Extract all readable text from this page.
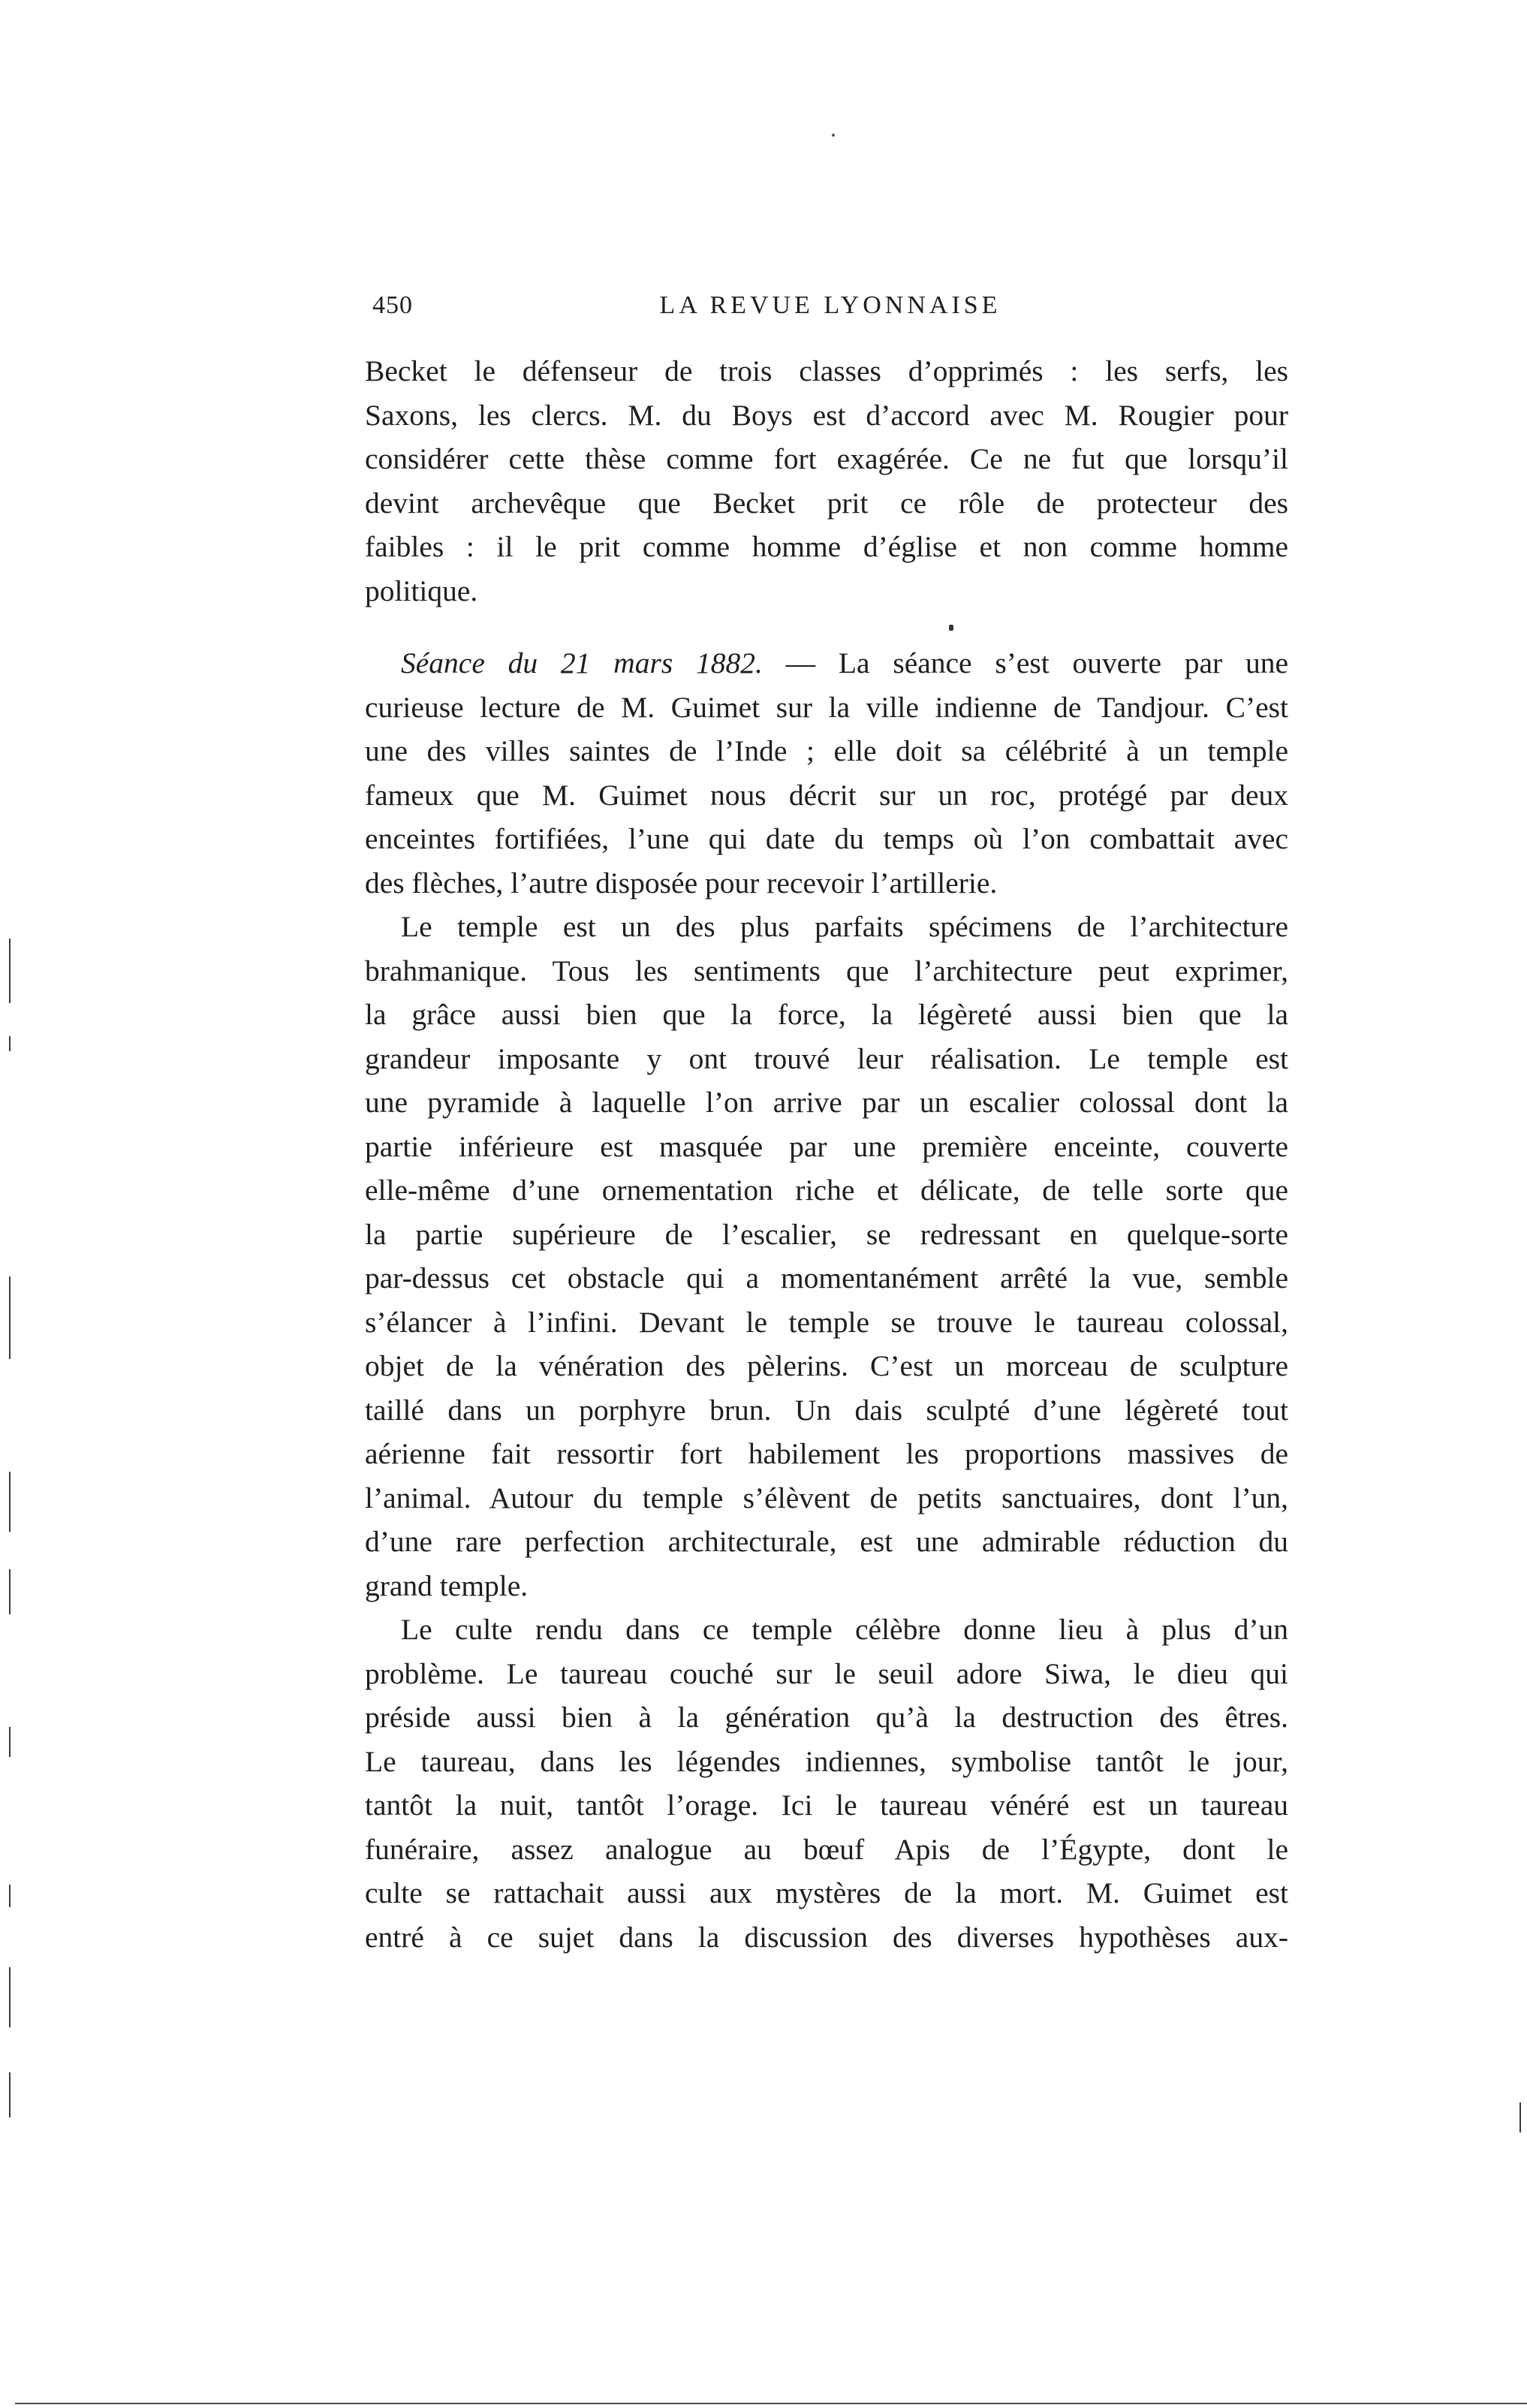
450	LA REVUE LYONNAISE
Becket le défenseur de trois classes d’opprimés : les serfs, les
Saxons, les clercs. M. du Boys est d’accord avec M. Rougier pour
considérer cette thèse comme fort exagérée. Ce ne fut que lorsqu’il
devint archevêque que Becket prit ce rôle de protecteur des
faibles : il le prit comme homme d’église et non comme homme
politique.
Séance du 21 mars 1882. — La séance s’est ouverte par une
curieuse lecture de M. Guimet sur la ville indienne de Tandjour. C’est
une des villes saintes de l’Inde ; elle doit sa célébrité à un temple
fameux que M. Guimet nous décrit sur un roc, protégé par deux
enceintes fortifiées, l’une qui date du temps où l’on combattait avec
des flèches, l’autre disposée pour recevoir l’artillerie.
Le temple est un des plus parfaits spécimens de l’architecture
brahmanique. Tous les sentiments que l’architecture peut exprimer,
la grâce aussi bien que la force, la légèreté aussi bien que la
grandeur imposante y ont trouvé leur réalisation. Le temple est
une pyramide à laquelle l’on arrive par un escalier colossal dont la
partie inférieure est masquée par une première enceinte, couverte
elle-même d’une ornementation riche et délicate, de telle sorte que
la partie supérieure de l’escalier, se redressant en quelque-sorte
par-dessus cet obstacle qui a momentanément arrêté la vue, semble
s’élancer à l’infini. Devant le temple se trouve le taureau colossal,
objet de la vénération des pèlerins. C’est un morceau de sculpture
taillé dans un porphyre brun. Un dais sculpté d’une légèreté tout
aérienne fait ressortir fort habilement les proportions massives de
l’animal. Autour du temple s’élèvent de petits sanctuaires, dont l’un,
d’une rare perfection architecturale, est une admirable réduction du
grand temple.
Le culte rendu dans ce temple célèbre donne lieu à plus d’un
problème. Le taureau couché sur le seuil adore Siwa, le dieu qui
préside aussi bien à la génération qu’à la destruction des êtres.
Le taureau, dans les légendes indiennes, symbolise tantôt le jour,
tantôt la nuit, tantôt l’orage. Ici le taureau vénéré est un taureau
funéraire, assez analogue au bœuf Apis de l’Égypte, dont le
culte se rattachait aussi aux mystères de la mort. M. Guimet est
entré à ce sujet dans la discussion des diverses hypothèses aux-
